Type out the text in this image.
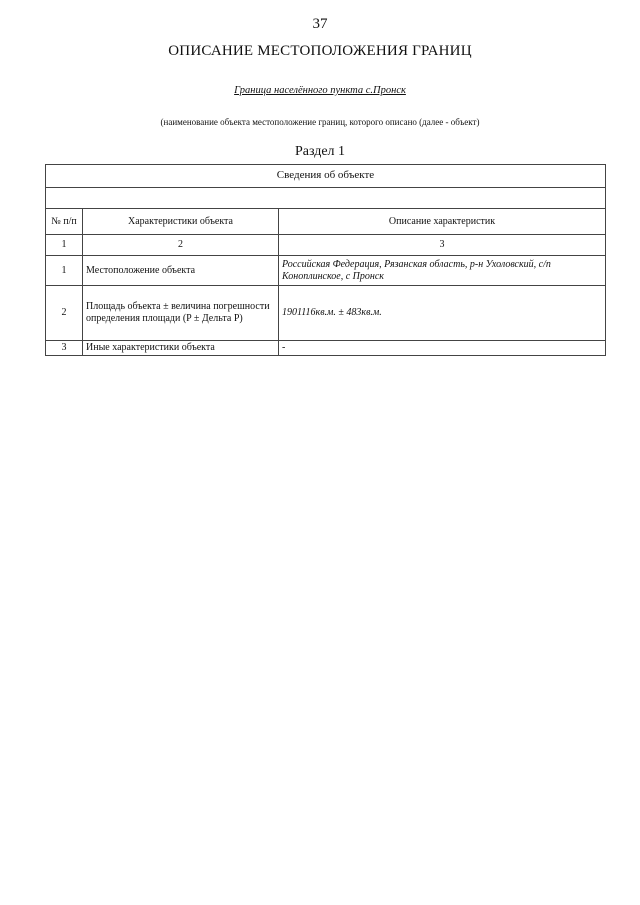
37
ОПИСАНИЕ МЕСТОПОЛОЖЕНИЯ ГРАНИЦ
Граница населённого пункта с.Пронск
(наименование объекта местоположение границ, которого описано (далее - объект)
Раздел 1
Сведения об объекте		

№ п/п	Характеристики объекта	Описание характеристик
1	2	3
1	Местоположение объекта	Российская Федерация, Рязанская область, р-н Ухоловский, с/п Коноплинское, с Пронск
2	Площадь объекта ± величина погрешности определения площади (P ± Дельта P)	1901116кв.м. ± 483кв.м.
3	Иные характеристики объекта	-
